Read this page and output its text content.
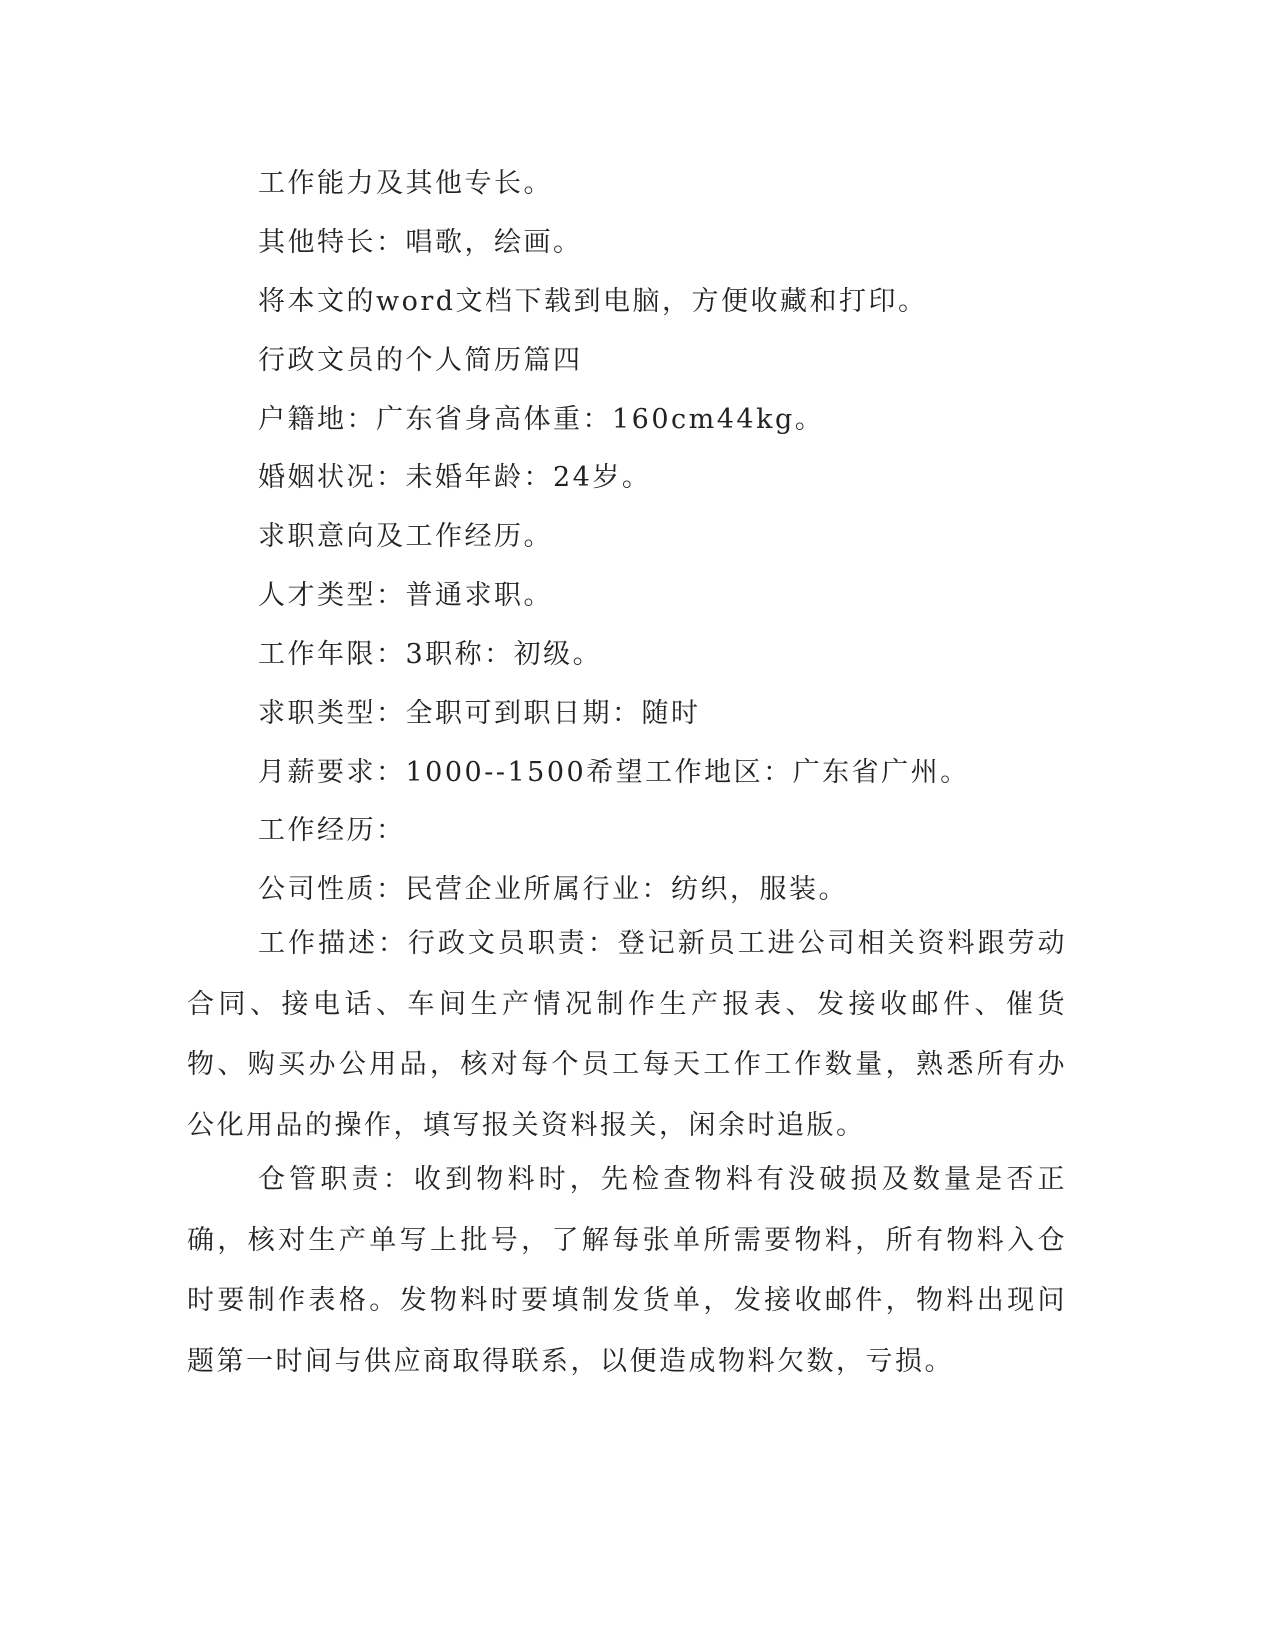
工作能力及其他专长。

其他特长：唱歌，绘画。

将本文的word文档下载到电脑，方便收藏和打印。

行政文员的个人简历篇四

户籍地：广东省身高体重：160cm44kg。

婚姻状况：未婚年龄：24岁。

求职意向及工作经历。

人才类型：普通求职。

工作年限：3职称：初级。

求职类型：全职可到职日期：随时

月薪要求：1000--1500希望工作地区：广东省广州。

工作经历：

公司性质：民营企业所属行业：纺织，服装。

工作描述：行政文员职责：登记新员工进公司相关资料跟劳动合同、接电话、车间生产情况制作生产报表、发接收邮件、催货物、购买办公用品，核对每个员工每天工作工作数量，熟悉所有办公化用品的操作，填写报关资料报关，闲余时追版。

仓管职责：收到物料时，先检查物料有没破损及数量是否正确，核对生产单写上批号，了解每张单所需要物料，所有物料入仓时要制作表格。发物料时要填制发货单，发接收邮件，物料出现问题第一时间与供应商取得联系，以便造成物料欠数，亏损。
